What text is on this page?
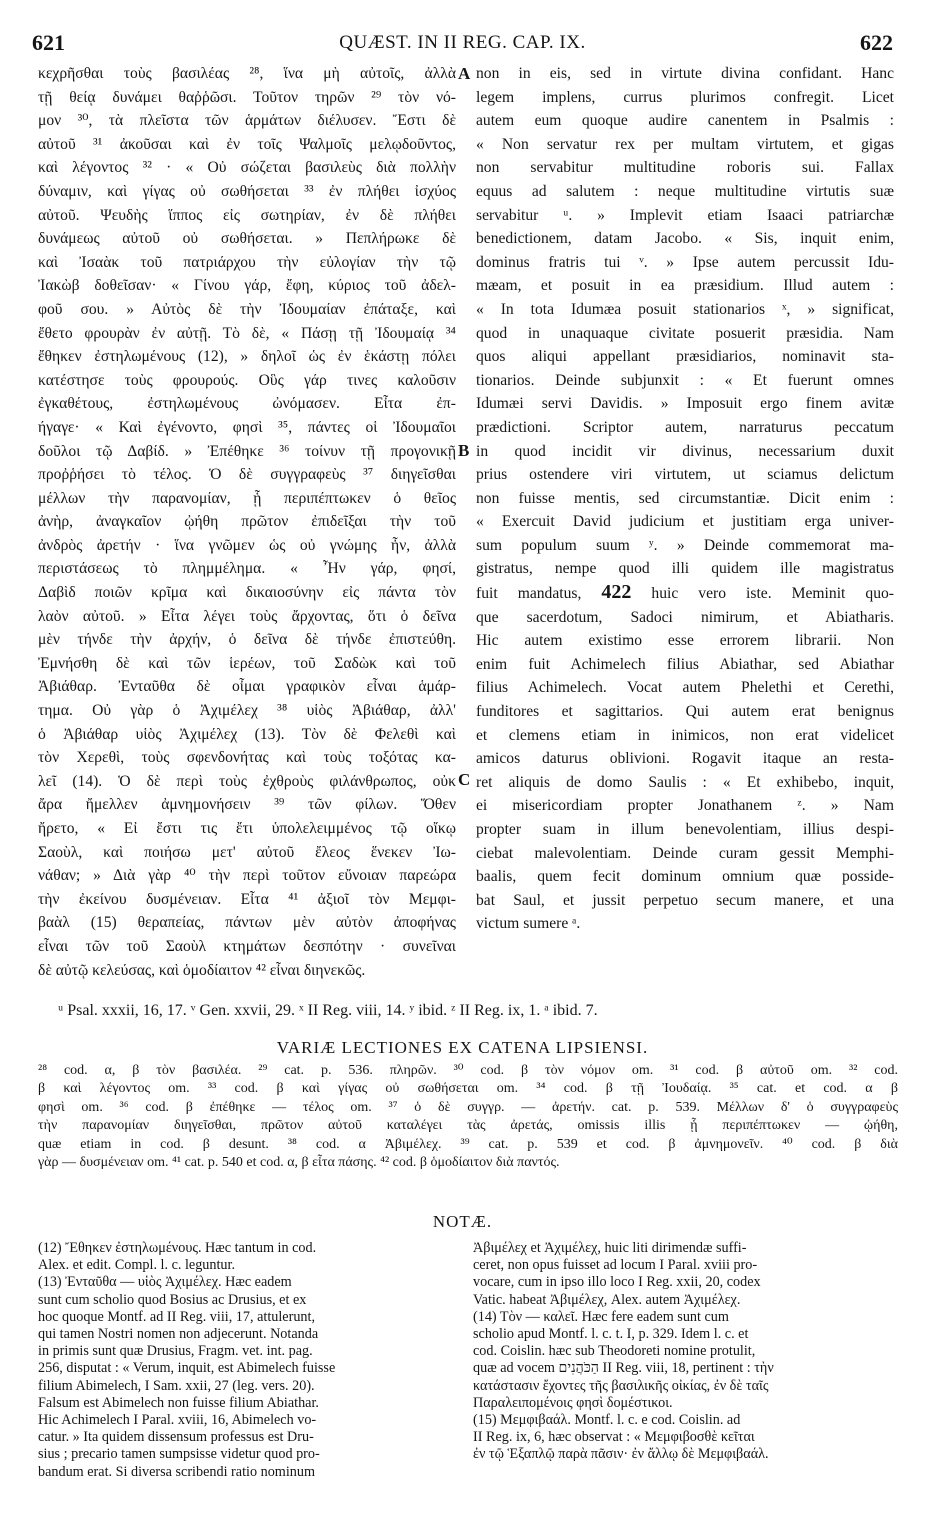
621	QUÆST. IN II REG. CAP. IX.	622
κεχρῆσθαι τοὺς βασιλέας ²⁸, ἵνα μὴ αὐτοῖς, ἀλλὰ
τῇ θείᾳ δυνάμει θαῤῥῶσι. Τοῦτον τηρῶν ²⁹ τὸν νό-
μον ³⁰, τὰ πλεῖστα τῶν ἁρμάτων διέλυσεν. Ἔστι δὲ
αὐτοῦ ³¹ ἀκοῦσαι καὶ ἐν τοῖς Ψαλμοῖς μελῳδοῦντος,
καὶ λέγοντος ³² · « Οὐ σώζεται βασιλεὺς διὰ πολλὴν
δύναμιν, καὶ γίγας οὐ σωθήσεται ³³ ἐν πλήθει ἰσχύος
αὐτοῦ. Ψευδὴς ἵππος εἰς σωτηρίαν, ἐν δὲ πλήθει
δυνάμεως αὐτοῦ οὐ σωθήσεται. » Πεπλήρωκε δὲ
καὶ Ἰσαὰκ τοῦ πατριάρχου τὴν εὐλογίαν τὴν τῷ
Ἰακὼβ δοθεῖσαν· « Γίνου γάρ, ἔφη, κύριος τοῦ ἀδελ-
φοῦ σου. » Αὐτὸς δὲ τὴν Ἰδουμαίαν ἐπάταξε, καὶ
ἔθετο φρουρὰν ἐν αὐτῇ. Τὸ δὲ, « Πάσῃ τῇ Ἰδουμαίᾳ ³⁴
ἔθηκεν ἐστηλωμένους (12), » δηλοῖ ὡς ἐν ἑκάστῃ πόλει
κατέστησε τοὺς φρουρούς. Οὓς γάρ τινες καλοῦσιν
ἐγκαθέτους, ἐστηλωμένους ὠνόμασεν. Εἶτα ἐπ-
ήγαγε· « Καὶ ἐγένοντο, φησὶ ³⁵, πάντες οἱ Ἰδουμαῖοι
δοῦλοι τῷ Δαβίδ. » Ἐπέθηκε ³⁶ τοίνυν τῇ προγονικῇ
προῤῥήσει τὸ τέλος. Ὁ δὲ συγγραφεὺς ³⁷ διηγεῖσθαι
μέλλων τὴν παρανομίαν, ᾗ περιπέπτωκεν ὁ θεῖος
ἀνὴρ, ἀναγκαῖον ᾠήθη πρῶτον ἐπιδεῖξαι τὴν τοῦ
ἀνδρὸς ἀρετήν · ἵνα γνῶμεν ὡς οὐ γνώμης ἦν, ἀλλὰ
περιστάσεως τὸ πλημμέλημα. « Ἦν γάρ, φησί,
Δαβὶδ ποιῶν κρῖμα καὶ δικαιοσύνην εἰς πάντα τὸν
λαὸν αὐτοῦ. » Εἶτα λέγει τοὺς ἄρχοντας, ὅτι ὁ δεῖνα
μὲν τήνδε τὴν ἀρχήν, ὁ δεῖνα δὲ τήνδε ἐπιστεύθη.
Ἐμνήσθη δὲ καὶ τῶν ἱερέων, τοῦ Σαδὼκ καὶ τοῦ
Ἀβιάθαρ. Ἐνταῦθα δὲ οἶμαι γραφικὸν εἶναι ἁμάρ-
τημα. Οὐ γὰρ ὁ Ἀχιμέλεχ ³⁸ υἱὸς Ἀβιάθαρ, ἀλλ'
ὁ Ἀβιάθαρ υἱὸς Ἀχιμέλεχ (13). Τὸν δὲ Φελεθὶ καὶ
τὸν Χερεθὶ, τοὺς σφενδονήτας καὶ τοὺς τοξότας κα-
λεῖ (14). Ὁ δὲ περὶ τοὺς ἐχθροὺς φιλάνθρωπος, οὐκ
ἄρα ἤμελλεν ἀμνημονήσειν ³⁹ τῶν φίλων. Ὅθεν
ἤρετο, « Εἰ ἔστι τις ἔτι ὑπολελειμμένος τῷ οἴκῳ
Σαοὺλ, καὶ ποιήσω μετ' αὐτοῦ ἔλεος ἕνεκεν Ἰω-
νάθαν; » Διὰ γὰρ ⁴⁰ τὴν περὶ τοῦτον εὔνοιαν παρεώρα
τὴν ἐκείνου δυσμένειαν. Εἶτα ⁴¹ ἀξιοῖ τὸν Μεμφι-
βαὰλ (15) θεραπείας, πάντων μὲν αὐτὸν ἀποφήνας
εἶναι τῶν τοῦ Σαοὺλ κτημάτων δεσπότην · συνεῖναι
δὲ αὐτῷ κελεύσας, καὶ ὁμοδίαιτον ⁴² εἶναι διηνεκῶς.
non in eis, sed in virtute divina confidant. Hanc
legem implens, currus plurimos confregit. Licet
autem eum quoque audire canentem in Psalmis :
« Non servatur rex per multam virtutem, et gigas
non servabitur multitudine roboris sui. Fallax
equus ad salutem : neque multitudine virtutis suæ
servabitur ᵘ. » Implevit etiam Isaaci patriarchæ
benedictionem, datam Jacobo. « Sis, inquit enim,
dominus fratris tui ᵛ. » Ipse autem percussit Idu-
mæam, et posuit in ea præsidium. Illud autem :
« In tota Idumæa posuit stationarios ˣ, » significat,
quod in unaquaque civitate posuerit præsidia. Nam
quos aliqui appellant præsidiarios, nominavit sta-
tionarios. Deinde subjunxit : « Et fuerunt omnes
Idumæi servi Davidis. » Imposuit ergo finem avitæ
prædictioni. Scriptor autem, narraturus peccatum
in quod incidit vir divinus, necessarium duxit
prius ostendere viri virtutem, ut sciamus delictum
non fuisse mentis, sed circumstantiæ. Dicit enim :
« Exercuit David judicium et justitiam erga univer-
sum populum suum ʸ. » Deinde commemorat ma-
gistratus, nempe quod illi quidem ille magistratus
fuit mandatus, 422 huic vero iste. Meminit quo-
que sacerdotum, Sadoci nimirum, et Abiatharis.
Hic autem existimo esse errorem librarii. Non
enim fuit Achimelech filius Abiathar, sed Abiathar
filius Achimelech. Vocat autem Phelethi et Cerethi,
funditores et sagittarios. Qui autem erat benignus
et clemens etiam in inimicos, non erat videlicet
amicos daturus oblivioni. Rogavit itaque an resta-
ret aliquis de domo Saulis : « Et exhibebo, inquit,
ei misericordiam propter Jonathanem ᶻ. » Nam
propter suam in illum benevolentiam, illius despi-
ciebat malevolentiam. Deinde curam gessit Memphi-
baalis, quem fecit dominum omnium quæ posside-
bat Saul, et jussit perpetuo secum manere, et una
victum sumere ᵃ.
A
B
C
ᵘ Psal. xxxii, 16, 17. ᵛ Gen. xxvii, 29. ˣ II Reg. viii, 14. ʸ ibid. ᶻ II Reg. ix, 1. ᵃ ibid. 7.
VARIÆ LECTIONES EX CATENA LIPSIENSI.
²⁸ cod. α, β τὸν βασιλέα. ²⁹ cat. p. 536. πληρῶν. ³⁰ cod. β τὸν νόμον om. ³¹ cod. β αὐτοῦ om. ³² cod.
β καὶ λέγοντος om. ³³ cod. β καὶ γίγας οὐ σωθήσεται om. ³⁴ cod. β τῇ Ἰουδαίᾳ. ³⁵ cat. et cod. α β
φησὶ om. ³⁶ cod. β ἐπέθηκε — τέλος om. ³⁷ ὁ δὲ συγγρ. — ἀρετήν. cat. p. 539. Μέλλων δ' ὁ συγγραφεὺς
τὴν παρανομίαν διηγεῖσθαι, πρῶτον αὐτοῦ καταλέγει τὰς ἀρετάς, omissis illis ᾗ περιπέπτωκεν — ᾠήθη,
quæ etiam in cod. β desunt. ³⁸ cod. α Ἀβιμέλεχ. ³⁹ cat. p. 539 et cod. β ἀμνημονεῖν. ⁴⁰ cod. β διὰ
γὰρ — δυσμένειαν om. ⁴¹ cat. p. 540 et cod. α, β εἶτα πάσης. ⁴² cod. β ὁμοδίαιτον διὰ παντός.
NOTÆ.
(12) Ἔθηκεν ἐστηλωμένους. Hæc tantum in cod.
Alex. et edit. Compl. l. c. leguntur.
(13) Ἐνταῦθα — υἱὸς Ἀχιμέλεχ. Hæc eadem
sunt cum scholio quod Bosius ac Drusius, et ex
hoc quoque Montf. ad II Reg. viii, 17, attulerunt,
qui tamen Nostri nomen non adjecerunt. Notanda
in primis sunt quæ Drusius, Fragm. vet. int. pag.
256, disputat : « Verum, inquit, est Abimelech fuisse
filium Abimelech, I Sam. xxii, 27 (leg. vers. 20).
Falsum est Abimelech non fuisse filium Abiathar.
Hic Achimelech I Paral. xviii, 16, Abimelech vo-
catur. » Ita quidem dissensum professus est Dru-
sius ; precario tamen sumpsisse videtur quod pro-
bandum erat. Si diversa scribendi ratio nominum
Ἀβιμέλεχ et Ἀχιμέλεχ, huic liti dirimendæ suffi-
ceret, non opus fuisset ad locum I Paral. xviii pro-
vocare, cum in ipso illo loco I Reg. xxii, 20, codex
Vatic. habeat Ἀβιμέλεχ, Alex. autem Ἀχιμέλεχ.
(14) Τὸν — καλεῖ. Hæc fere eadem sunt cum
scholio apud Montf. l. c. t. I, p. 329. Idem l. c. et
cod. Coislin. hæc sub Theodoreti nomine protulit,
quæ ad vocem הַכֹּהֲנִים II Reg. viii, 18, pertinent : τὴν
κατάστασιν ἔχοντες τῆς βασιλικῆς οἰκίας, ἐν δὲ ταῖς
Παραλειπομένοις φησὶ δομέστικοι.
(15) Μεμφιβαάλ. Montf. l. c. e cod. Coislin. ad
II Reg. ix, 6, hæc observat : « Μεμφιβοσθὲ κεῖται
ἐν τῷ Ἑξαπλῷ παρὰ πᾶσιν· ἐν ἄλλῳ δὲ Μεμφιβαάλ.
